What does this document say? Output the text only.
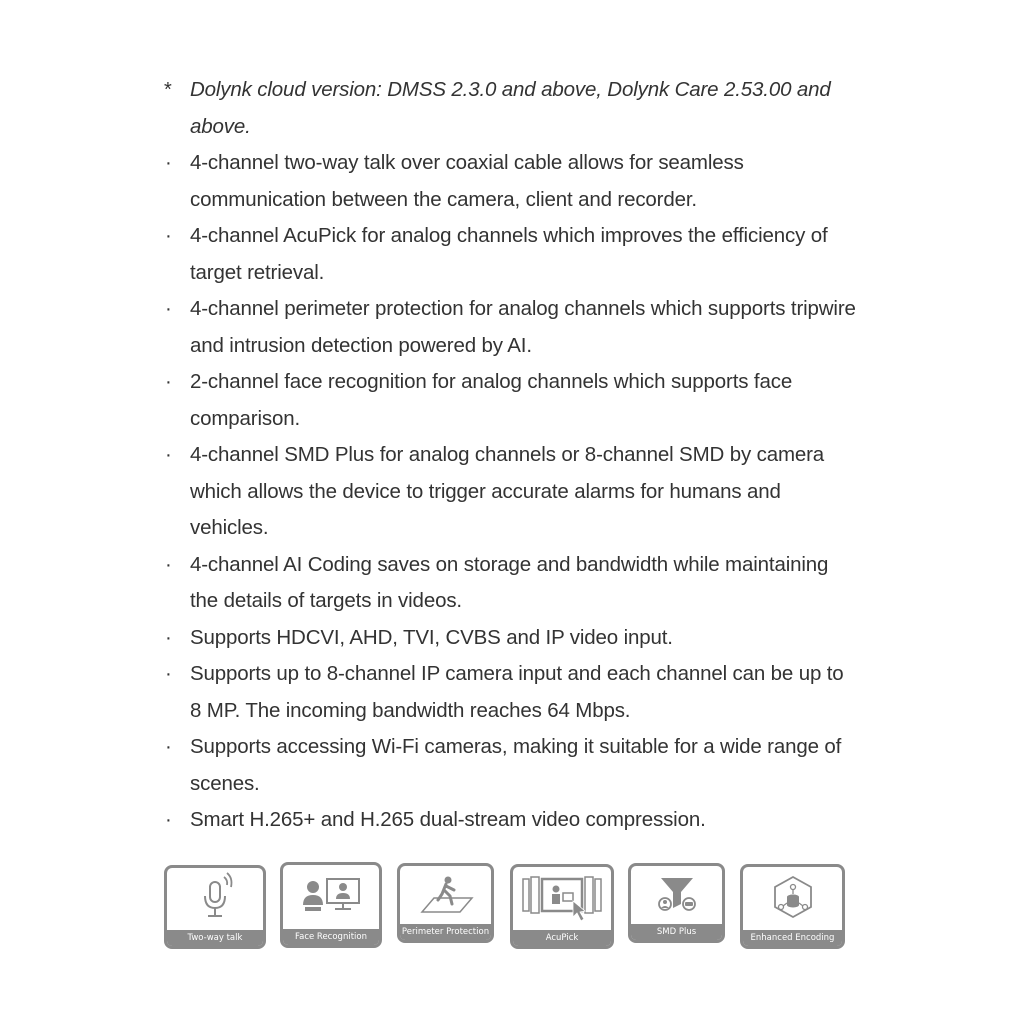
* Dolynk cloud version: DMSS 2.3.0 and above, Dolynk Care 2.53.00 and above.
· 4-channel two-way talk over coaxial cable allows for seamless communication between the camera, client and recorder.
· 4-channel AcuPick for analog channels which improves the efficiency of target retrieval.
· 4-channel perimeter protection for analog channels which supports tripwire and intrusion detection powered by AI.
· 2-channel face recognition for analog channels which supports face comparison.
· 4-channel SMD Plus for analog channels or 8-channel SMD by camera which allows the device to trigger accurate alarms for humans and vehicles.
· 4-channel AI Coding saves on storage and bandwidth while maintaining the details of targets in videos.
· Supports HDCVI, AHD, TVI, CVBS and IP video input.
· Supports up to 8-channel IP camera input and each channel can be up to 8 MP. The incoming bandwidth reaches 64 Mbps.
· Supports accessing Wi-Fi cameras, making it suitable for a wide range of scenes.
· Smart H.265+ and H.265 dual-stream video compression.
Two-way talk	Face Recognition	Perimeter Protection
AcuPick
SMD Plus
Enhanced Encoding
